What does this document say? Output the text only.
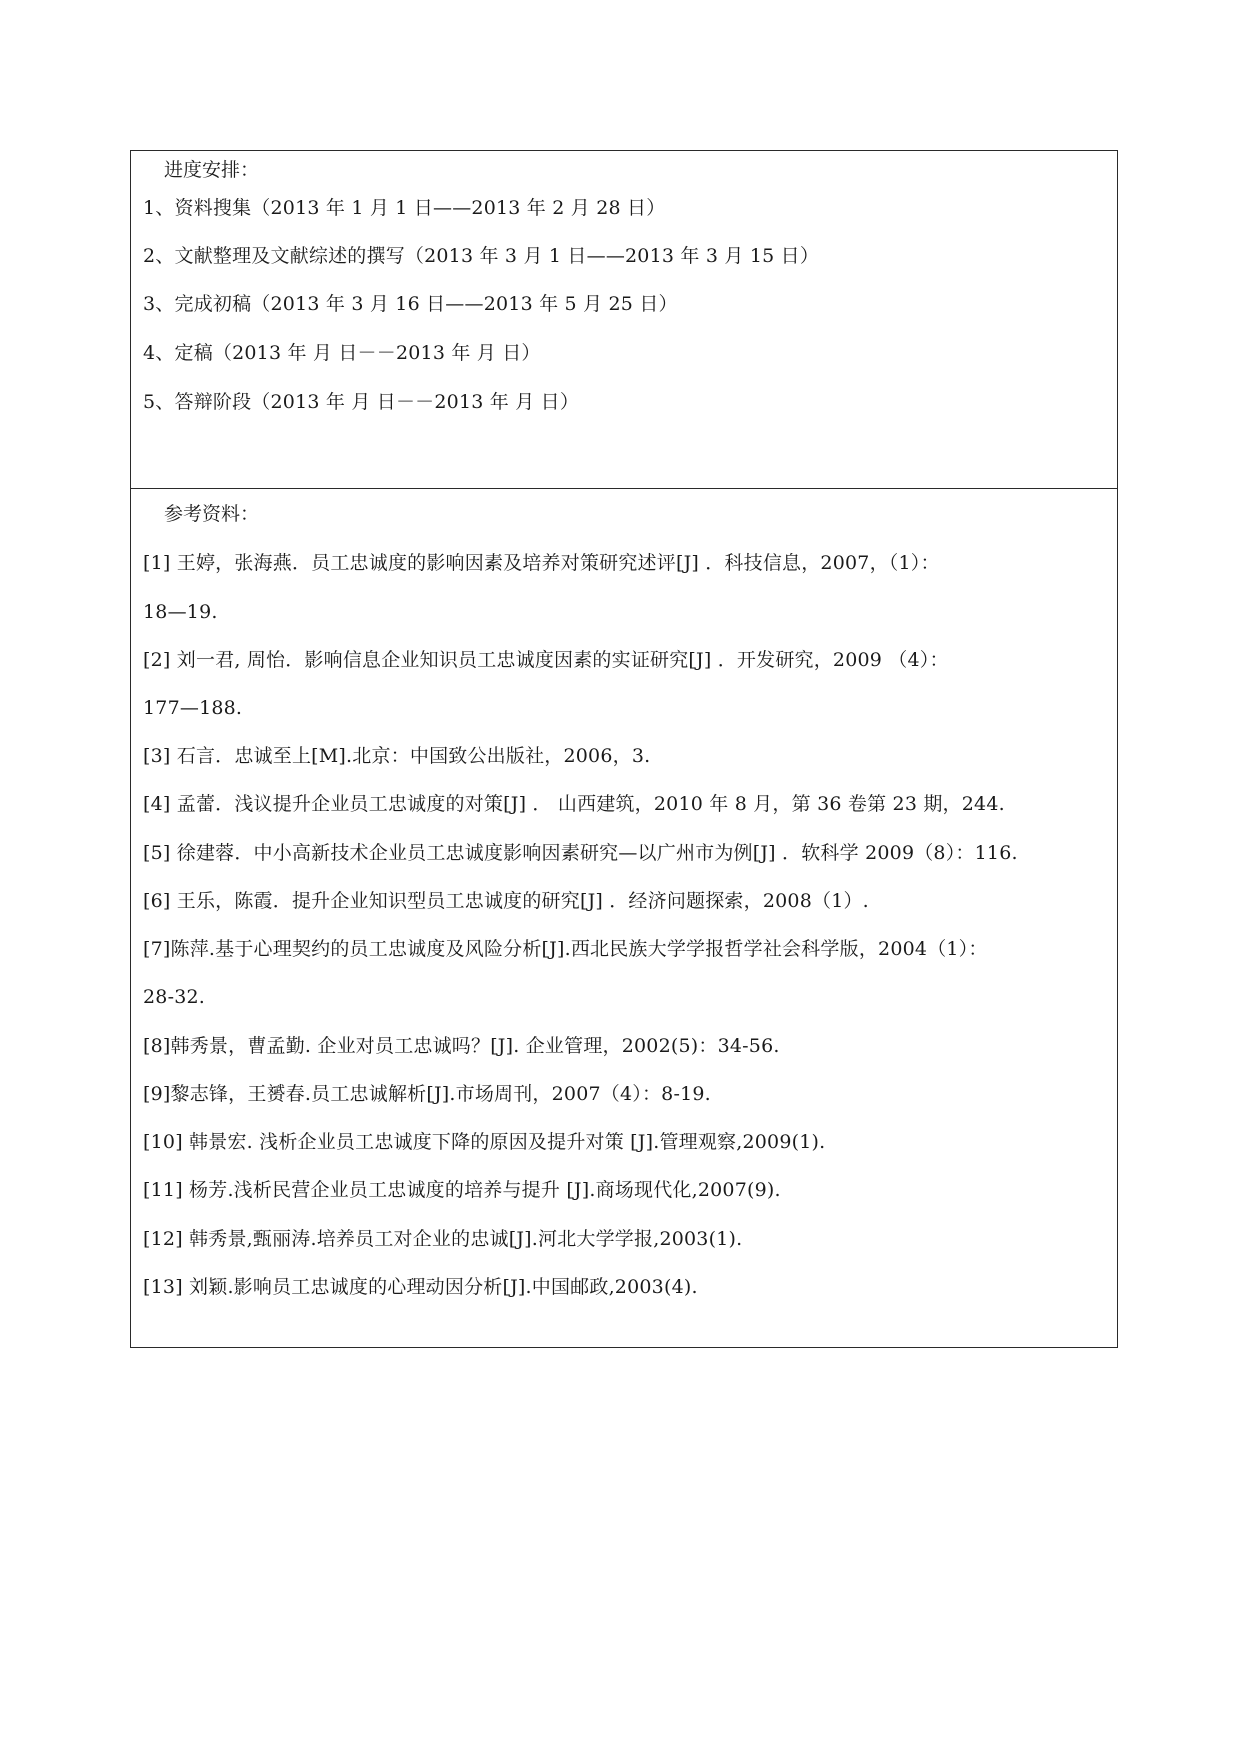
进度安排：
1、资料搜集（2013 年 1 月 1 日——2013 年 2 月 28 日）
2、文献整理及文献综述的撰写（2013 年 3 月 1 日——2013 年 3 月 15 日）
3、完成初稿（2013 年 3 月 16 日——2013 年 5 月 25 日）
4、定稿（2013 年 月 日－－2013 年 月 日）
5、答辩阶段（2013 年 月 日－－2013 年 月 日）
参考资料：
[1] 王婷，张海燕．员工忠诚度的影响因素及培养对策研究述评[J] ．科技信息，2007，（1）：
18—19.
[2] 刘一君, 周怡．影响信息企业知识员工忠诚度因素的实证研究[J] ．开发研究，2009 （4）：
177—188.
[3] 石言．忠诚至上[M].北京：中国致公出版社，2006，3.
[4] 孟蕾．浅议提升企业员工忠诚度的对策[J] ． 山西建筑，2010 年 8 月，第 36 卷第 23 期，244.
[5] 徐建蓉．中小高新技术企业员工忠诚度影响因素研究—以广州市为例[J] ．软科学 2009（8）：116.
[6] 王乐，陈霞．提升企业知识型员工忠诚度的研究[J] ．经济问题探索，2008（1）.
[7]陈萍.基于心理契约的员工忠诚度及风险分析[J].西北民族大学学报哲学社会科学版，2004（1）：
28-32.
[8]韩秀景，曹孟勤. 企业对员工忠诚吗？[J]. 企业管理，2002(5)：34-56.
[9]黎志锋，王赟春.员工忠诚解析[J].市场周刊，2007（4）：8-19.
[10] 韩景宏. 浅析企业员工忠诚度下降的原因及提升对策 [J].管理观察,2009(1).
[11] 杨芳.浅析民营企业员工忠诚度的培养与提升 [J].商场现代化,2007(9).
[12] 韩秀景,甄丽涛.培养员工对企业的忠诚[J].河北大学学报,2003(1).
[13] 刘颖.影响员工忠诚度的心理动因分析[J].中国邮政,2003(4).
